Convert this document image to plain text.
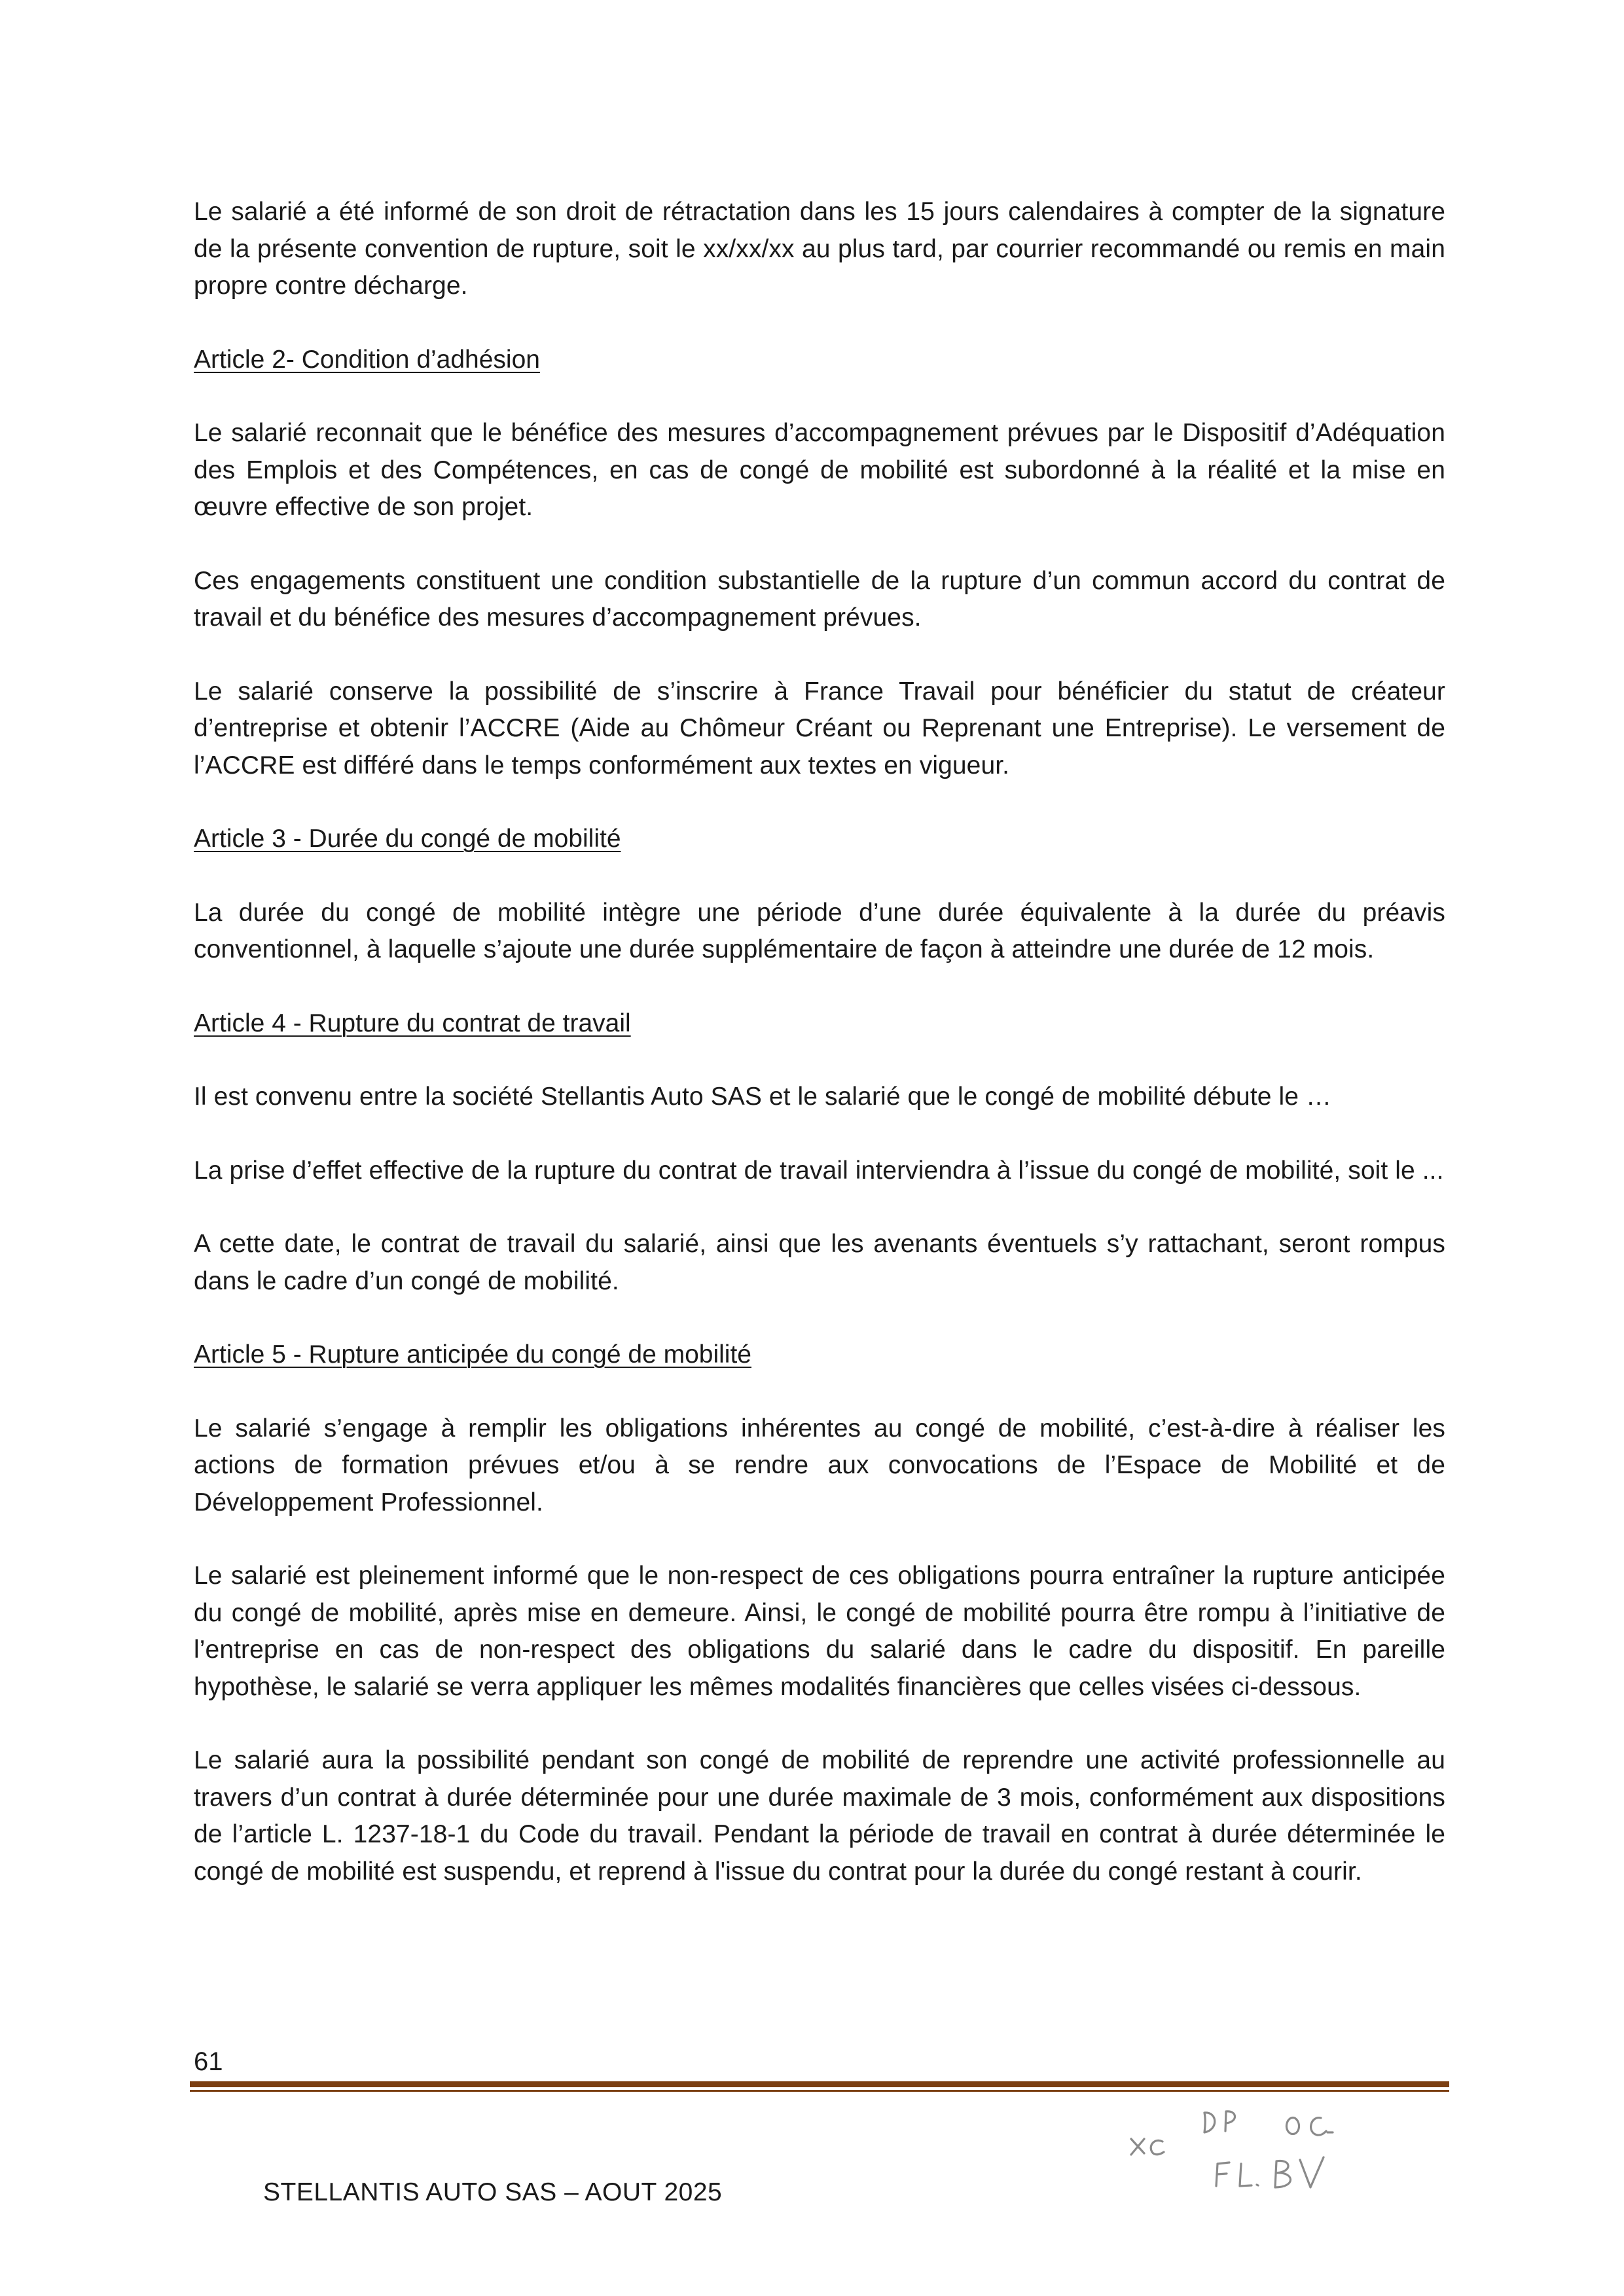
Le salarié a été informé de son droit de rétractation dans les 15 jours calendaires à compter de la signature de la présente convention de rupture, soit le xx/xx/xx au plus tard, par courrier recommandé ou remis en main propre contre décharge.

Article 2- Condition d’adhésion

Le salarié reconnait que le bénéfice des mesures d’accompagnement prévues par le Dispositif d’Adéquation des Emplois et des Compétences, en cas de congé de mobilité est subordonné à la réalité et la mise en œuvre effective de son projet.

Ces engagements constituent une condition substantielle de la rupture d’un commun accord du contrat de travail et du bénéfice des mesures d’accompagnement prévues.

Le salarié conserve la possibilité de s’inscrire à France Travail pour bénéficier du statut de créateur d’entreprise et obtenir l’ACCRE (Aide au Chômeur Créant ou Reprenant une Entreprise). Le versement de l’ACCRE est différé dans le temps conformément aux textes en vigueur.

Article 3 - Durée du congé de mobilité

La durée du congé de mobilité intègre une période d’une durée équivalente à la durée du préavis conventionnel, à laquelle s’ajoute une durée supplémentaire de façon à atteindre une durée de 12 mois.

Article 4 - Rupture du contrat de travail

Il est convenu entre la société Stellantis Auto SAS et le salarié que le congé de mobilité débute le …

La prise d’effet effective de la rupture du contrat de travail interviendra à l’issue du congé de mobilité, soit le ...

A cette date, le contrat de travail du salarié, ainsi que les avenants éventuels s’y rattachant, seront rompus dans le cadre d’un congé de mobilité.

Article 5 - Rupture anticipée du congé de mobilité

Le salarié s’engage à remplir les obligations inhérentes au congé de mobilité, c’est-à-dire à réaliser les actions de formation prévues et/ou à se rendre aux convocations de l’Espace de Mobilité et de Développement Professionnel.

Le salarié est pleinement informé que le non-respect de ces obligations pourra entraîner la rupture anticipée du congé de mobilité, après mise en demeure. Ainsi, le congé de mobilité pourra être rompu à l’initiative de l’entreprise en cas de non-respect des obligations du salarié dans le cadre du dispositif. En pareille hypothèse, le salarié se verra appliquer les mêmes modalités financières que celles visées ci-dessous.

Le salarié aura la possibilité pendant son congé de mobilité de reprendre une activité professionnelle au travers d’un contrat à durée déterminée pour une durée maximale de 3 mois, conformément aux dispositions de l’article L. 1237-18-1 du Code du travail. Pendant la période de travail en contrat à durée déterminée le congé de mobilité est suspendu, et reprend à l'issue du contrat pour la durée du congé restant à courir.

61
STELLANTIS AUTO SAS – AOUT 2025
